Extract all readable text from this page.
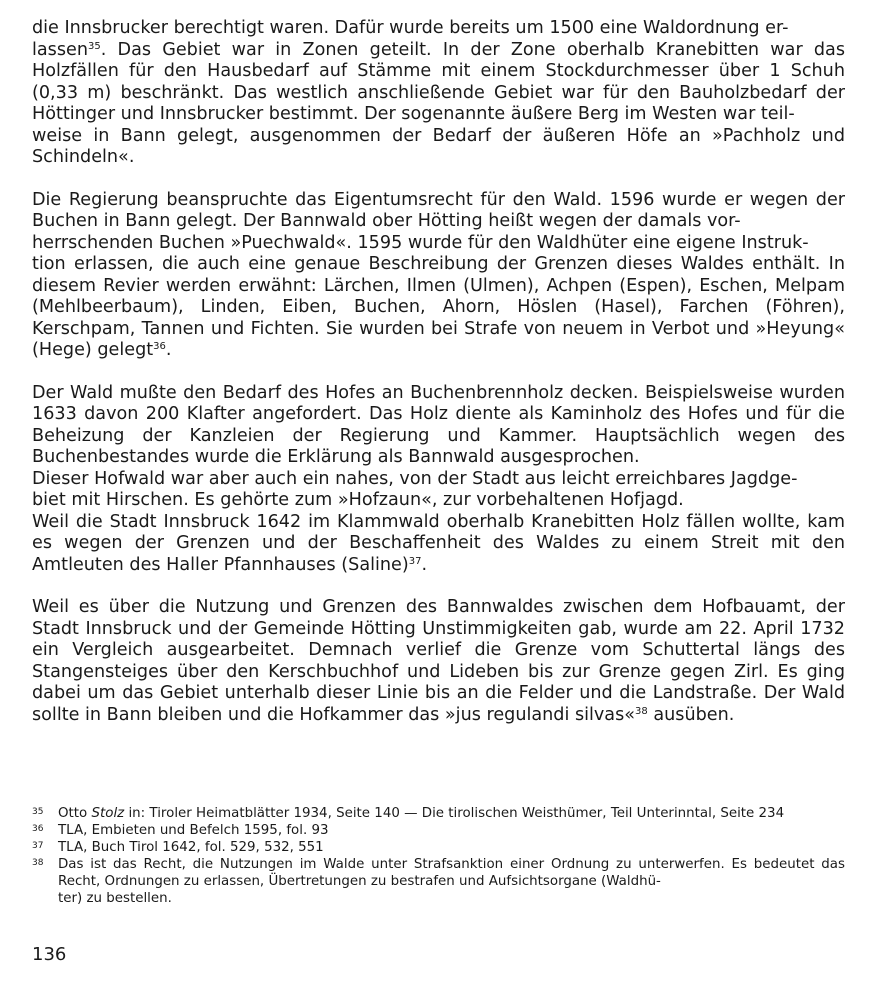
die Innsbrucker berechtigt waren. Dafür wurde bereits um 1500 eine Waldordnung er-
lassen$^{35}$. Das Gebiet war in Zonen geteilt. In der Zone oberhalb Kranebitten war das Holzfällen für den Hausbedarf auf Stämme mit einem Stockdurchmesser über 1 Schuh (0,33 m) beschränkt. Das westlich anschließende Gebiet war für den Bauholzbedarf der Höttinger und Innsbrucker bestimmt. Der sogenannte äußere Berg im Westen war teil-
weise in Bann gelegt, ausgenommen der Bedarf der äußeren Höfe an »Pachholz und Schindeln«.

Die Regierung beanspruchte das Eigentumsrecht für den Wald. 1596 wurde er wegen der Buchen in Bann gelegt. Der Bannwald ober Hötting heißt wegen der damals vor-
herrschenden Buchen »Puechwald«. 1595 wurde für den Waldhüter eine eigene Instruk-
tion erlassen, die auch eine genaue Beschreibung der Grenzen dieses Waldes enthält. In diesem Revier werden erwähnt: Lärchen, Ilmen (Ulmen), Achpen (Espen), Eschen, Melpam (Mehlbeerbaum), Linden, Eiben, Buchen, Ahorn, Höslen (Hasel), Farchen (Föhren), Kerschpam, Tannen und Fichten. Sie wurden bei Strafe von neuem in Verbot und »Heyung« (Hege) gelegt$^{36}$.

Der Wald mußte den Bedarf des Hofes an Buchenbrennholz decken. Beispielsweise wurden 1633 davon 200 Klafter angefordert. Das Holz diente als Kaminholz des Hofes und für die Beheizung der Kanzleien der Regierung und Kammer. Hauptsächlich wegen des Buchenbestandes wurde die Erklärung als Bannwald ausgesprochen.

Dieser Hofwald war aber auch ein nahes, von der Stadt aus leicht erreichbares Jagdge-
biet mit Hirschen. Es gehörte zum »Hofzaun«, zur vorbehaltenen Hofjagd.

Weil die Stadt Innsbruck 1642 im Klammwald oberhalb Kranebitten Holz fällen wollte, kam es wegen der Grenzen und der Beschaffenheit des Waldes zu einem Streit mit den Amtleuten des Haller Pfannhauses (Saline)$^{37}$.

Weil es über die Nutzung und Grenzen des Bannwaldes zwischen dem Hofbauamt, der Stadt Innsbruck und der Gemeinde Hötting Unstimmigkeiten gab, wurde am 22. April 1732 ein Vergleich ausgearbeitet. Demnach verlief die Grenze vom Schuttertal längs des Stangensteiges über den Kerschbuchhof und Lideben bis zur Grenze gegen Zirl. Es ging dabei um das Gebiet unterhalb dieser Linie bis an die Felder und die Landstraße. Der Wald sollte in Bann bleiben und die Hofkammer das »jus regulandi silvas«$^{38}$ ausüben.

35	Otto Stolz in: Tiroler Heimatblätter 1934, Seite 140 — Die tirolischen Weisthümer, Teil Unterinntal, Seite 234
36	TLA, Embieten und Befelch 1595, fol. 93
37	TLA, Buch Tirol 1642, fol. 529, 532, 551
38	Das ist das Recht, die Nutzungen im Walde unter Strafsanktion einer Ordnung zu unterwerfen. Es bedeutet das Recht, Ordnungen zu erlassen, Übertretungen zu bestrafen und Aufsichtsorgane (Waldhü-
ter) zu bestellen.
136
